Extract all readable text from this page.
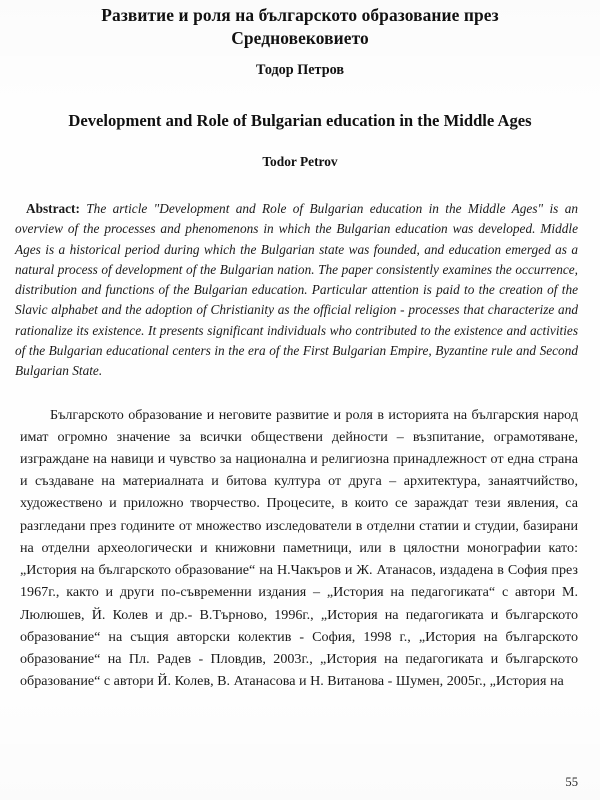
Развитие и роля на българското образование през Средновековието

Тодор Петров

Development and Role of Bulgarian education in the Middle Ages

Todor Petrov

Abstract: The article "Development and Role of Bulgarian education in the Middle Ages" is an overview of the processes and phenomenons in which the Bulgarian education was developed. Middle Ages is a historical period during which the Bulgarian state was founded, and education emerged as a natural process of development of the Bulgarian nation. The paper consistently examines the occurrence, distribution and functions of the Bulgarian education. Particular attention is paid to the creation of the Slavic alphabet and the adoption of Christianity as the official religion - processes that characterize and rationalize its existence. It presents significant individuals who contributed to the existence and activities of the Bulgarian educational centers in the era of the First Bulgarian Empire, Byzantine rule and Second Bulgarian State.

Българското образование и неговите развитие и роля в историята на българския народ имат огромно значение за всички обществени дейности – възпитание, ограмотяване, изграждане на навици и чувство за национална и религиозна принадлежност от една страна и създаване на материалната и битова култура от друга – архитектура, занаятчийство, художествено и приложно творчество. Процесите, в които се зараждат тези явления, са разгледани през годините от множество изследователи в отделни статии и студии, базирани на отделни археологически и книжовни паметници, или в цялостни монографии като: „История на българското образование“ на Н.Чакъров и Ж. Атанасов, издадена в София през 1967г., както и други по-съвременни издания – „История на педагогиката“ с автори М. Люлюшев, Й. Колев и др.- В.Търново, 1996г., „История на педагогиката и българското образование“ на същия авторски колектив - София, 1998 г., „История на българското образование“ на Пл. Радев - Пловдив, 2003г., „История на педагогиката и българското образование“ с автори Й. Колев, В. Атанасова и Н. Витанова - Шумен, 2005г., „История на

55
